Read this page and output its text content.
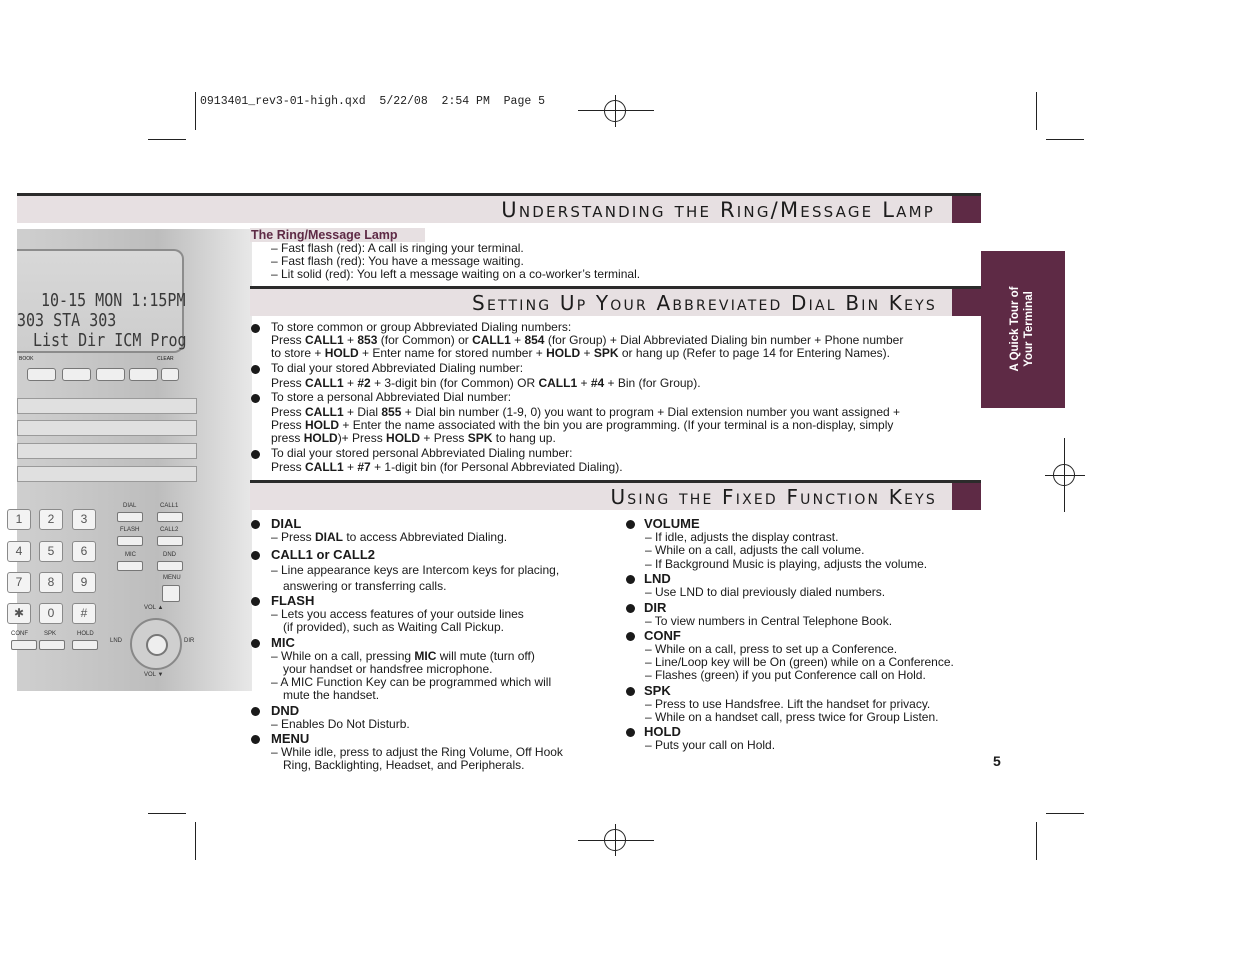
0913401_rev3-01-high.qxd  5/22/08  2:54 PM  Page 5
Understanding the Ring/Message Lamp
A Quick Tour of Your Terminal
10-15 MON 1:15PM
303 STA 303
List Dir ICM Prog
BOOK	CLEAR
1	2	3
4	5	6
7	8	9
✱	0	#
DIAL	CALL1
FLASH	CALL2
MIC	DND
MENU
VOL ▲
CONF	SPK	HOLD
LND	DIR
VOL ▼
The Ring/Message Lamp
– Fast flash (red): A call is ringing your terminal.
– Fast flash (red): You have a message waiting.
– Lit solid (red): You left a message waiting on a co-worker’s terminal.
Setting Up Your Abbreviated Dial Bin Keys
To store common or group Abbreviated Dialing numbers:
Press CALL1 + 853 (for Common) or CALL1 + 854 (for Group) + Dial Abbreviated Dialing bin number + Phone number
to store + HOLD + Enter name for stored number + HOLD + SPK or hang up (Refer to page 14 for Entering Names).
To dial your stored Abbreviated Dialing number:
Press CALL1 + #2 + 3-digit bin (for Common) OR CALL1 + #4 + Bin (for Group).
To store a personal Abbreviated Dial number:
Press CALL1 + Dial 855 + Dial bin number (1-9, 0) you want to program + Dial extension number you want assigned +
Press HOLD + Enter the name associated with the bin you are programming. (If your terminal is a non-display, simply
press HOLD)+ Press HOLD + Press SPK to hang up.
To dial your stored personal Abbreviated Dialing number:
Press CALL1 + #7 + 1-digit bin (for Personal Abbreviated Dialing).
Using the Fixed Function Keys
DIAL
– Press DIAL to access Abbreviated Dialing.
CALL1 or CALL2
– Line appearance keys are Intercom keys for placing,
answering or transferring calls.
FLASH
– Lets you access features of your outside lines
(if provided), such as Waiting Call Pickup.
MIC
– While on a call, pressing MIC will mute (turn off)
your handset or handsfree microphone.
– A MIC Function Key can be programmed which will
mute the handset.
DND
– Enables Do Not Disturb.
MENU
– While idle, press to adjust the Ring Volume, Off Hook
Ring, Backlighting, Headset, and Peripherals.
VOLUME
– If idle, adjusts the display contrast.
– While on a call, adjusts the call volume.
– If Background Music is playing, adjusts the volume.
LND
– Use LND to dial previously dialed numbers.
DIR
– To view numbers in Central Telephone Book.
CONF
– While on a call, press to set up a Conference.
– Line/Loop key will be On (green) while on a Conference.
– Flashes (green) if you put Conference call on Hold.
SPK
– Press to use Handsfree. Lift the handset for privacy.
– While on a handset call, press twice for Group Listen.
HOLD
– Puts your call on Hold.
5
